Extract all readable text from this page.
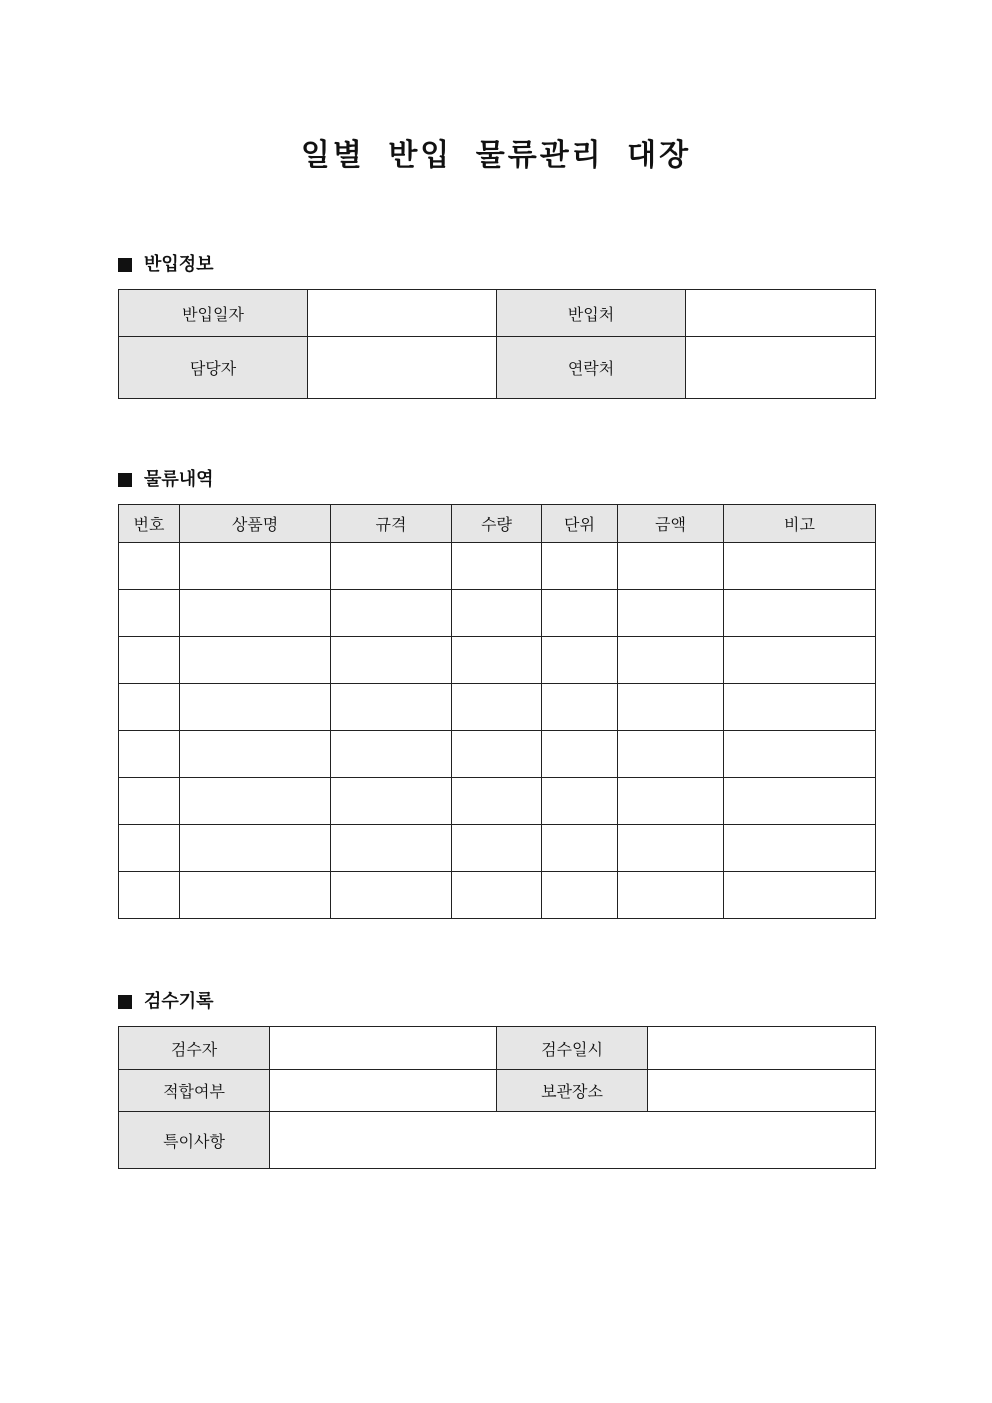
일별 반입 물류관리 대장
반입정보
반입일자		반입처	
담당자		연락처	
물류내역
번호	상품명	규격	수량	단위	금액	비고

검수기록
검수자		검수일시	
적합여부		보관장소	
특이사항			
